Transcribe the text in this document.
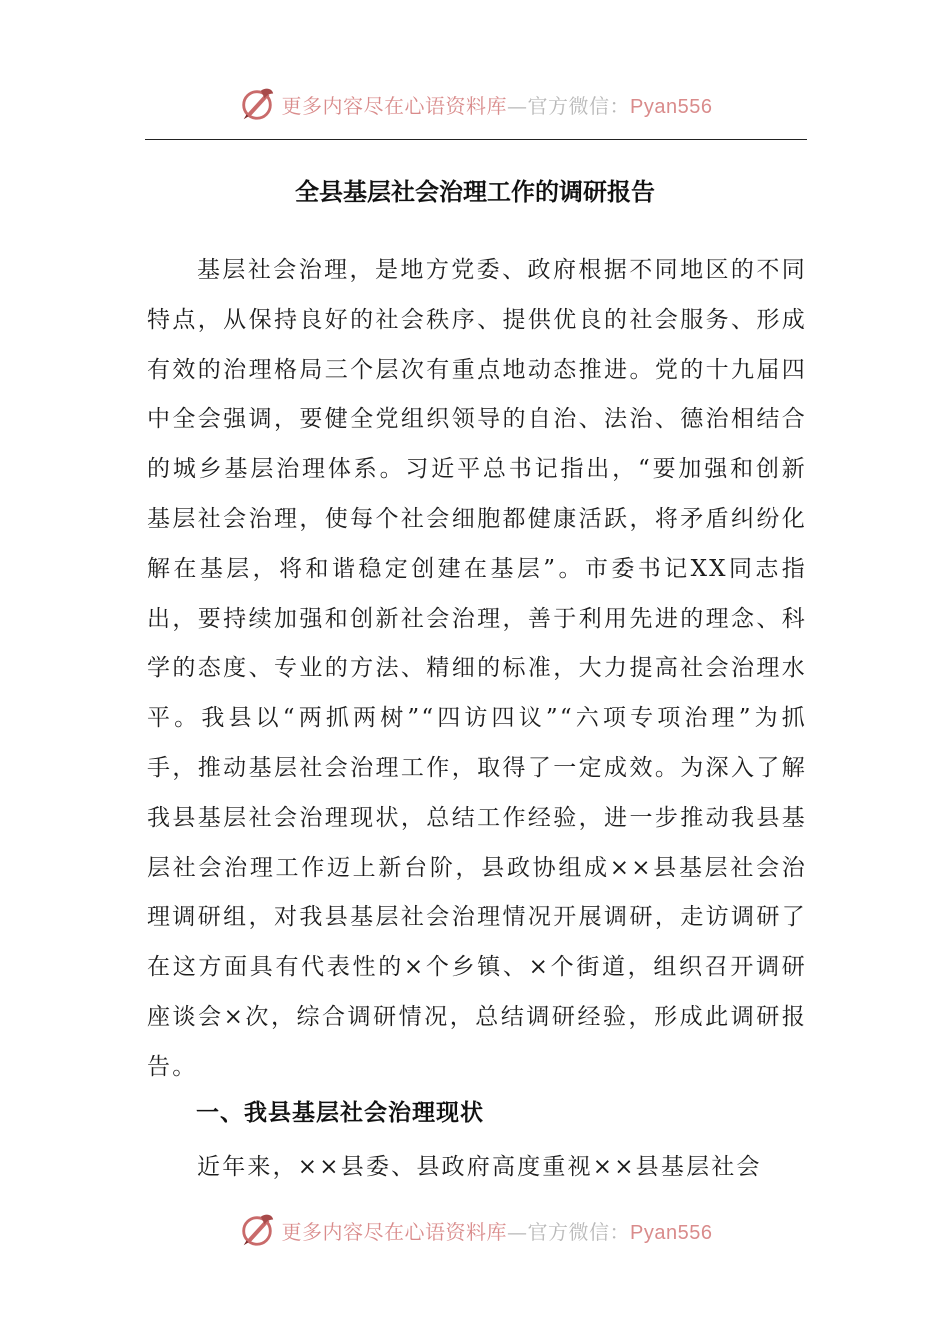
更多内容尽在心语资料库—官方微信：Pyan556
全县基层社会治理工作的调研报告

基层社会治理，是地方党委、政府根据不同地区的不同特点，从保持良好的社会秩序、提供优良的社会服务、形成有效的治理格局三个层次有重点地动态推进。党的十九届四中全会强调，要健全党组织领导的自治、法治、德治相结合的城乡基层治理体系。习近平总书记指出，“要加强和创新基层社会治理，使每个社会细胞都健康活跃，将矛盾纠纷化解在基层，将和谐稳定创建在基层”。市委书记XX同志指出，要持续加强和创新社会治理，善于利用先进的理念、科学的态度、专业的方法、精细的标准，大力提高社会治理水平。我县以“两抓两树”“四访四议”“六项专项治理”为抓手，推动基层社会治理工作，取得了一定成效。为深入了解我县基层社会治理现状，总结工作经验，进一步推动我县基层社会治理工作迈上新台阶，县政协组成××县基层社会治理调研组，对我县基层社会治理情况开展调研，走访调研了在这方面具有代表性的×个乡镇、×个街道，组织召开调研座谈会×次，综合调研情况，总结调研经验，形成此调研报告。

一、我县基层社会治理现状

近年来，××县委、县政府高度重视××县基层社会

更多内容尽在心语资料库—官方微信：Pyan556
